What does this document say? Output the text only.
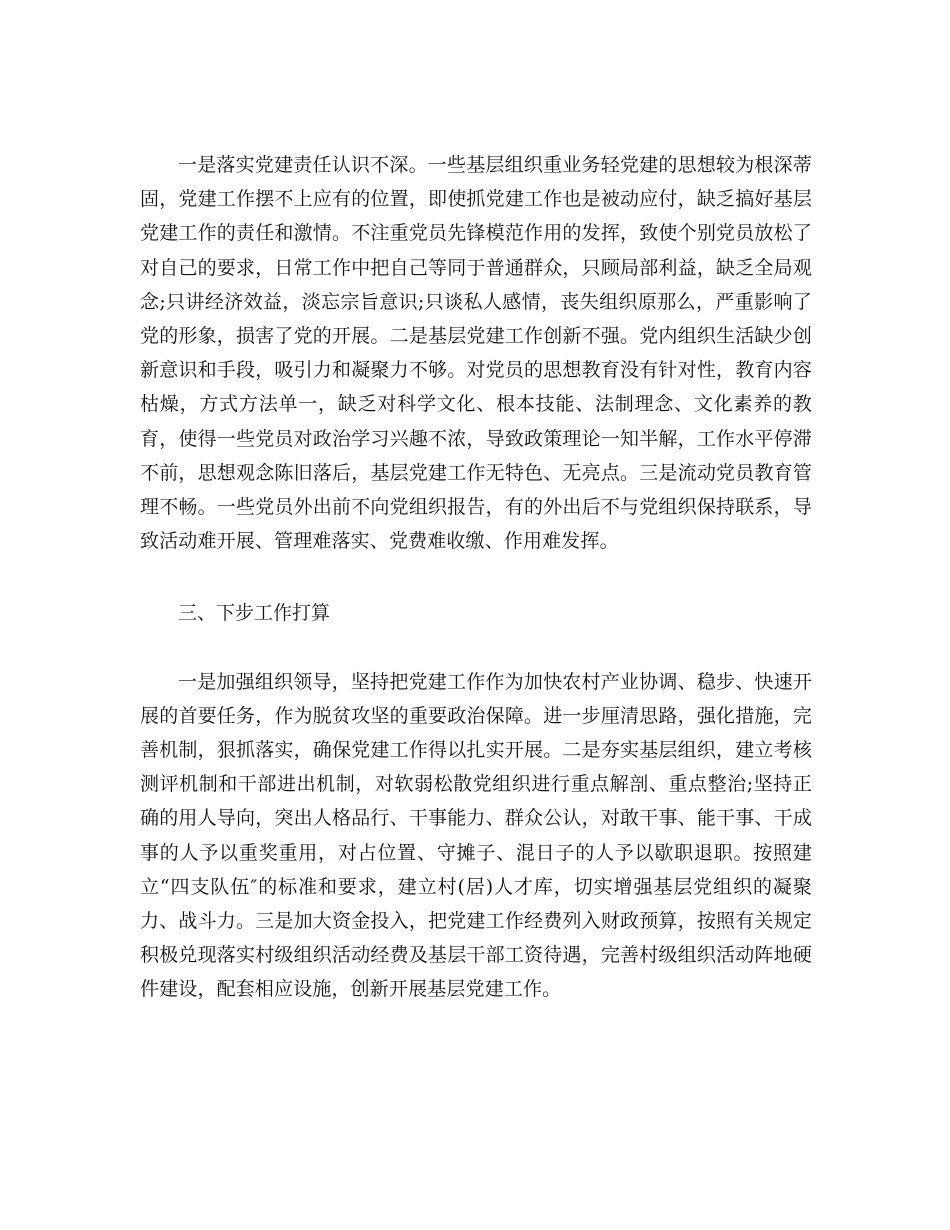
一是落实党建责任认识不深。一些基层组织重业务轻党建的思想较为根深蒂固，党建工作摆不上应有的位置，即使抓党建工作也是被动应付，缺乏搞好基层党建工作的责任和激情。不注重党员先锋模范作用的发挥，致使个别党员放松了对自己的要求，日常工作中把自己等同于普通群众，只顾局部利益，缺乏全局观念;只讲经济效益，淡忘宗旨意识;只谈私人感情，丧失组织原那么，严重影响了党的形象，损害了党的开展。二是基层党建工作创新不强。党内组织生活缺少创新意识和手段，吸引力和凝聚力不够。对党员的思想教育没有针对性，教育内容枯燥，方式方法单一，缺乏对科学文化、根本技能、法制理念、文化素养的教育，使得一些党员对政治学习兴趣不浓，导致政策理论一知半解，工作水平停滞不前，思想观念陈旧落后，基层党建工作无特色、无亮点。三是流动党员教育管理不畅。一些党员外出前不向党组织报告，有的外出后不与党组织保持联系，导致活动难开展、管理难落实、党费难收缴、作用难发挥。

三、下步工作打算

一是加强组织领导，坚持把党建工作作为加快农村产业协调、稳步、快速开展的首要任务，作为脱贫攻坚的重要政治保障。进一步厘清思路，强化措施，完善机制，狠抓落实，确保党建工作得以扎实开展。二是夯实基层组织，建立考核测评机制和干部进出机制，对软弱松散党组织进行重点解剖、重点整治;坚持正确的用人导向，突出人格品行、干事能力、群众公认，对敢干事、能干事、干成事的人予以重奖重用，对占位置、守摊子、混日子的人予以歇职退职。按照建立“四支队伍″的标准和要求，建立村(居)人才库，切实增强基层党组织的凝聚力、战斗力。三是加大资金投入，把党建工作经费列入财政预算，按照有关规定积极兑现落实村级组织活动经费及基层干部工资待遇，完善村级组织活动阵地硬件建设，配套相应设施，创新开展基层党建工作。
